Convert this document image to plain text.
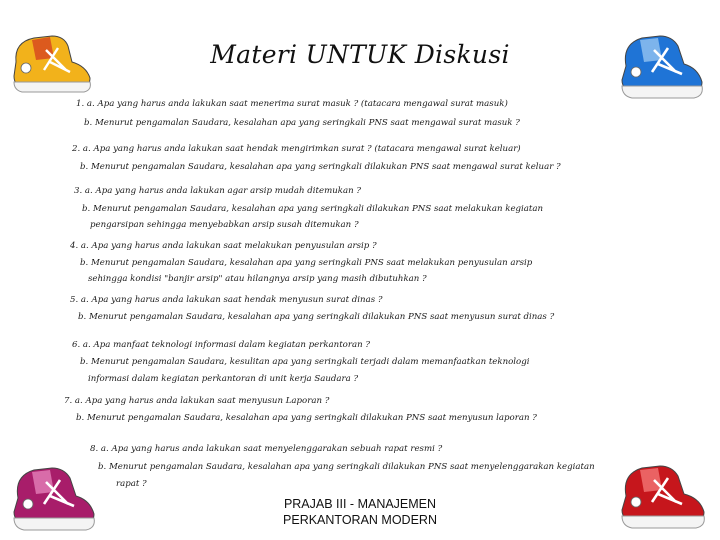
Materi UNTUK Diskusi
1. a. Apa yang harus anda lakukan saat menerima surat masuk ? (tatacara mengawal surat masuk)
b. Menurut pengamalan Saudara, kesalahan apa yang seringkali PNS saat mengawal surat masuk ?
2. a. Apa yang harus anda lakukan saat hendak mengirimkan surat ? (tatacara mengawal surat keluar)
b. Menurut pengamalan Saudara, kesalahan apa yang seringkali dilakukan PNS saat mengawal surat keluar ?
3. a. Apa yang harus anda lakukan agar arsip mudah ditemukan ?
b. Menurut pengamalan Saudara, kesalahan apa yang seringkali dilakukan PNS saat melakukan kegiatan
pengarsipan sehingga menyebabkan arsip susah ditemukan ?
4. a. Apa yang harus anda lakukan saat melakukan penyusulan arsip ?
b. Menurut pengamalan Saudara, kesalahan apa yang seringkali PNS saat melakukan penyusulan arsip
sehingga kondisi "banjir arsip" atau hilangnya arsip yang masih dibutuhkan ?
5. a. Apa yang harus anda lakukan saat hendak menyusun surat dinas ?
b. Menurut pengamalan Saudara, kesalahan apa yang seringkali dilakukan PNS saat menyusun surat dinas ?
6. a. Apa manfaat teknologi informasi dalam kegiatan perkantoran ?
b. Menurut pengamalan Saudara, kesulitan apa yang seringkali terjadi dalam memanfaatkan teknologi
informasi dalam kegiatan perkantoran di unit kerja Saudara ?
7. a. Apa yang harus anda lakukan saat menyusun Laporan ?
b. Menurut pengamalan Saudara, kesalahan apa yang seringkali dilakukan PNS saat menyusun laporan ?
8. a. Apa yang harus anda lakukan saat menyelenggarakan sebuah rapat resmi ?
b. Menurut pengamalan Saudara, kesalahan apa yang seringkali dilakukan PNS saat menyelenggarakan kegiatan
rapat ?
PRAJAB III - MANAJEMEN
PERKANTORAN MODERN
